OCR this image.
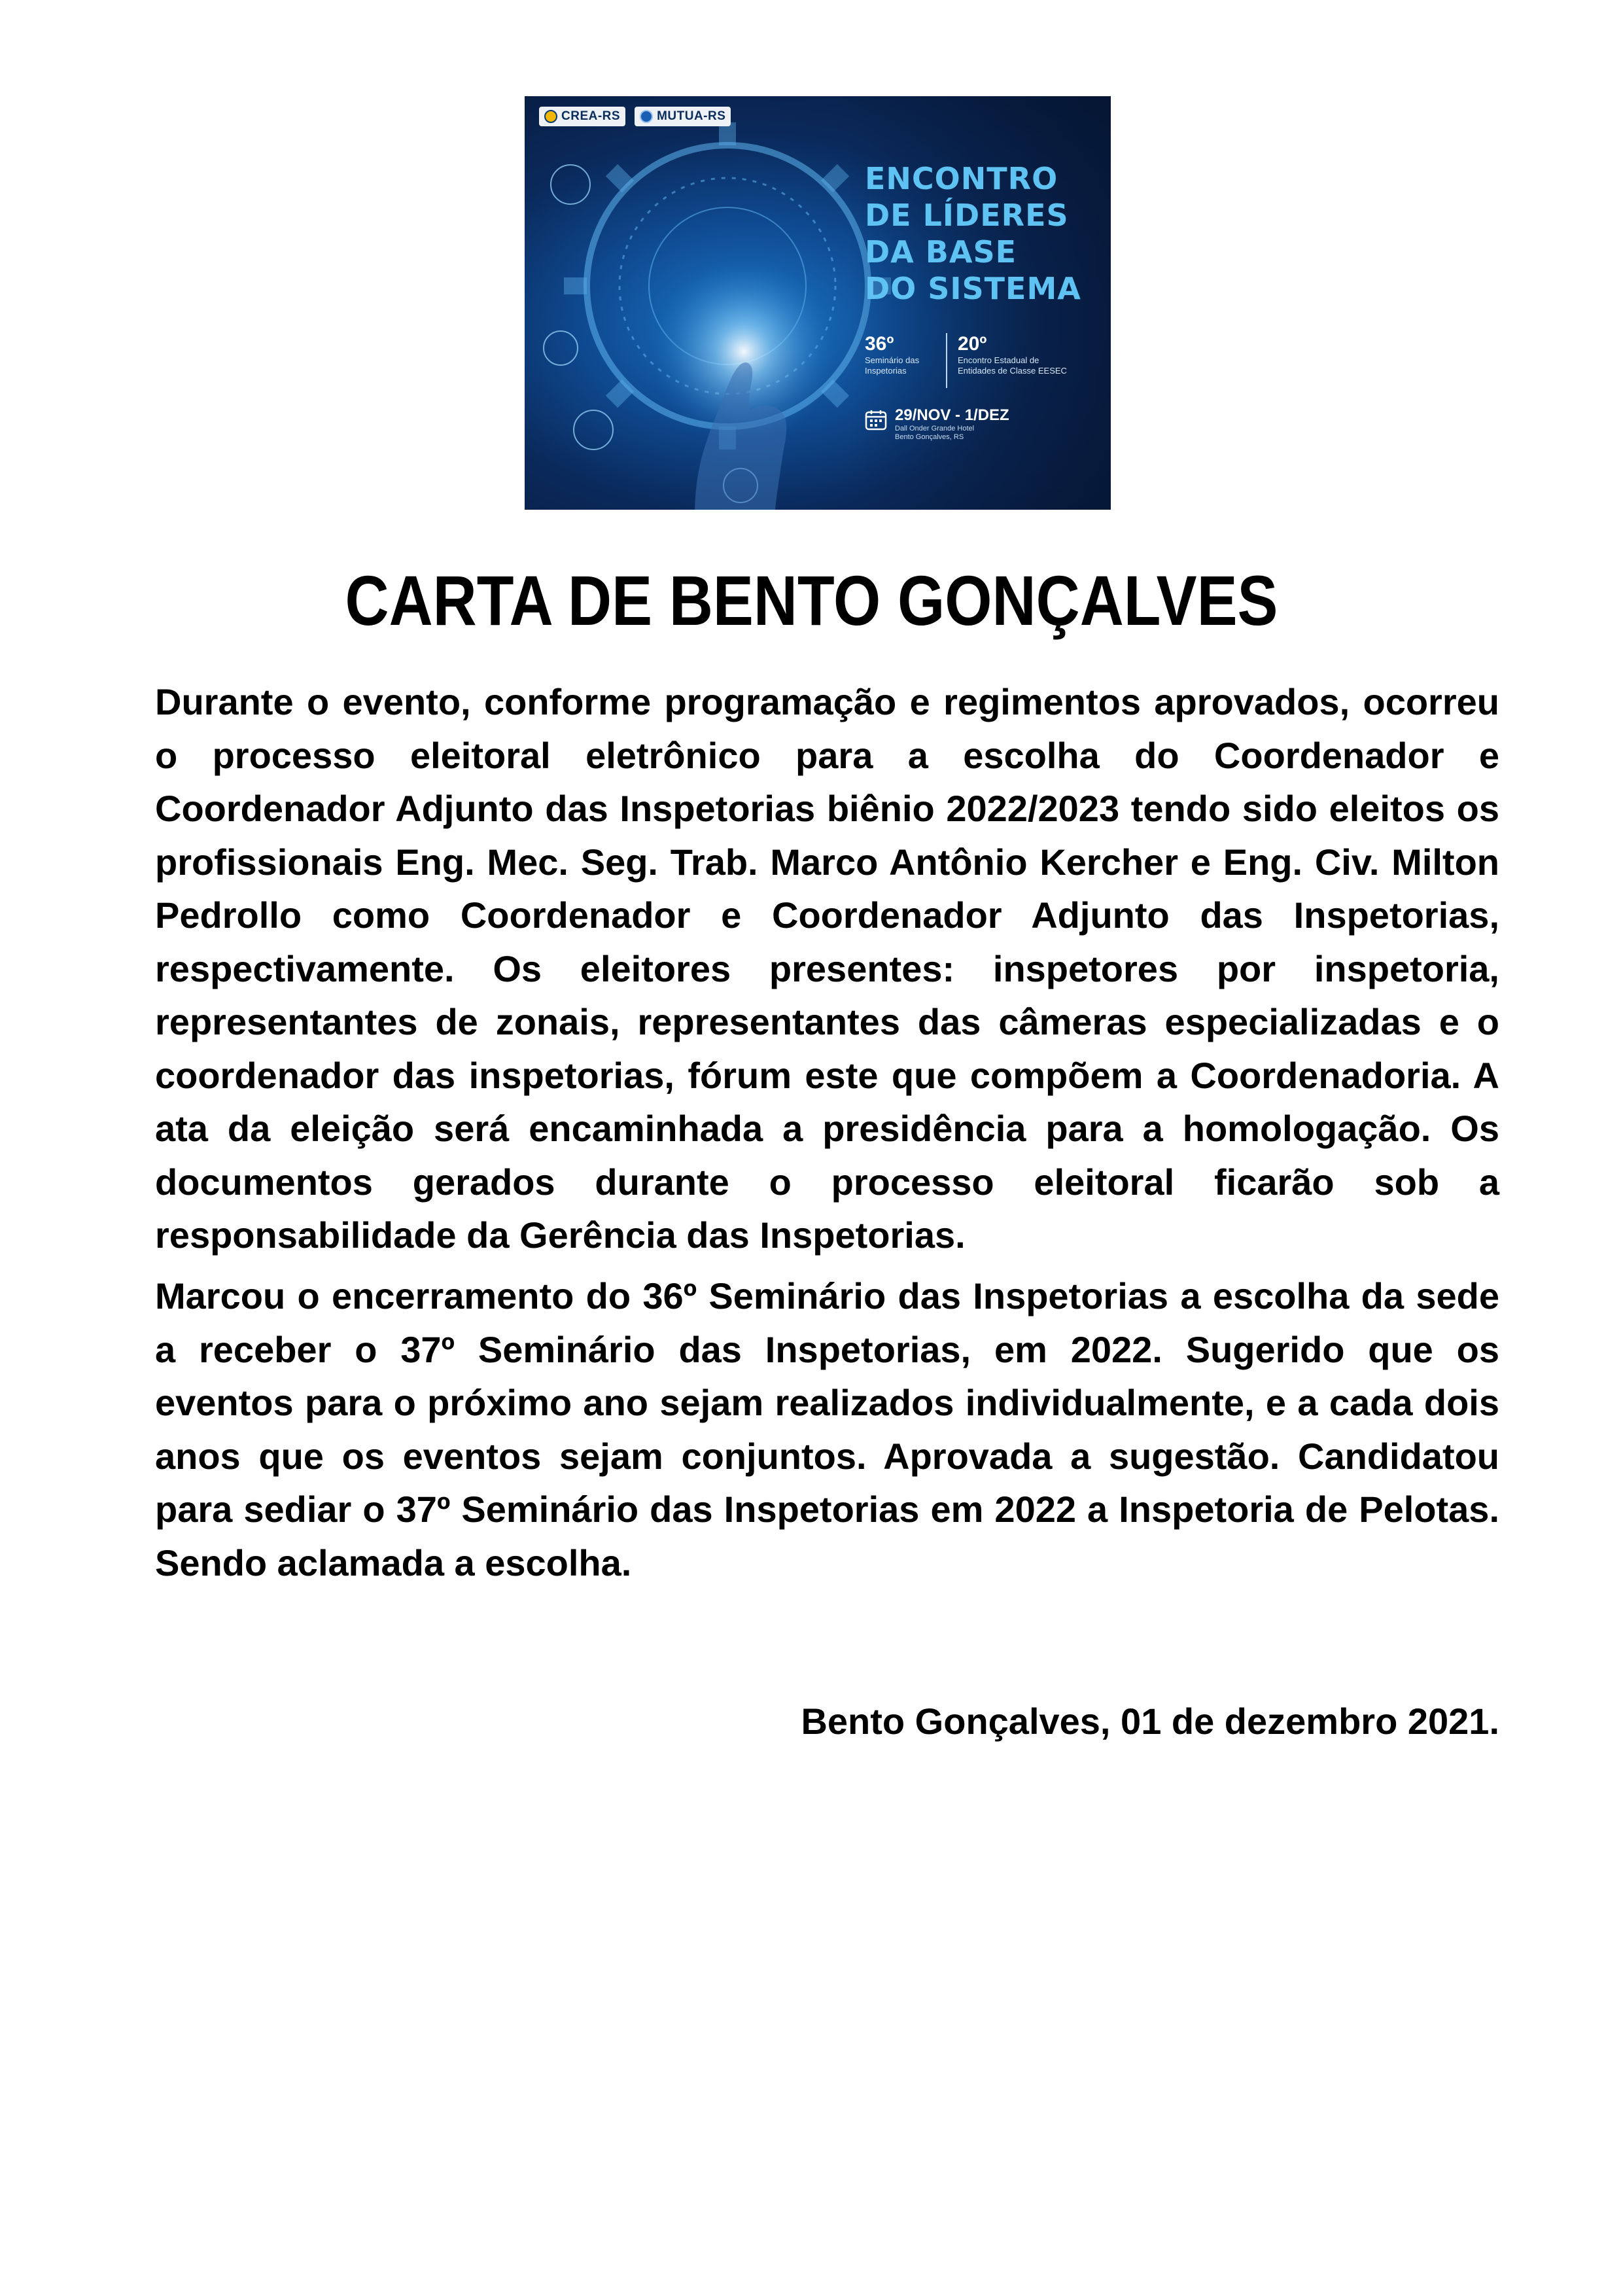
CREA-RS	MUTUA-RS
ENCONTRO
DE LÍDERES
DA BASE
DO SISTEMA
36º
Seminário das
Inspetorias
20º
Encontro Estadual de
Entidades de Classe EESEC
29/NOV - 1/DEZ
Dall Onder Grande Hotel
Bento Gonçalves, RS
CARTA DE BENTO GONÇALVES

Durante o evento, conforme programação e regimentos aprovados, ocorreu o processo eleitoral eletrônico para a escolha do Coordenador e Coordenador Adjunto das Inspetorias biênio 2022/2023 tendo sido eleitos os profissionais Eng. Mec. Seg. Trab. Marco Antônio Kercher e Eng. Civ. Milton Pedrollo como Coordenador e Coordenador Adjunto das Inspetorias, respectivamente. Os eleitores presentes: inspetores por inspetoria, representantes de zonais, representantes das câmeras especializadas e o coordenador das inspetorias, fórum este que compõem a Coordenadoria. A ata da eleição será encaminhada a presidência para a homologação. Os documentos gerados durante o processo eleitoral ficarão sob a responsabilidade da Gerência das Inspetorias.

Marcou o encerramento do 36º Seminário das Inspetorias a escolha da sede a receber o 37º Seminário das Inspetorias, em 2022. Sugerido que os eventos para o próximo ano sejam realizados individualmente, e a cada dois anos que os eventos sejam conjuntos. Aprovada a sugestão. Candidatou para sediar o 37º Seminário das Inspetorias em 2022 a Inspetoria de Pelotas. Sendo aclamada a escolha.

Bento Gonçalves, 01 de dezembro 2021.
